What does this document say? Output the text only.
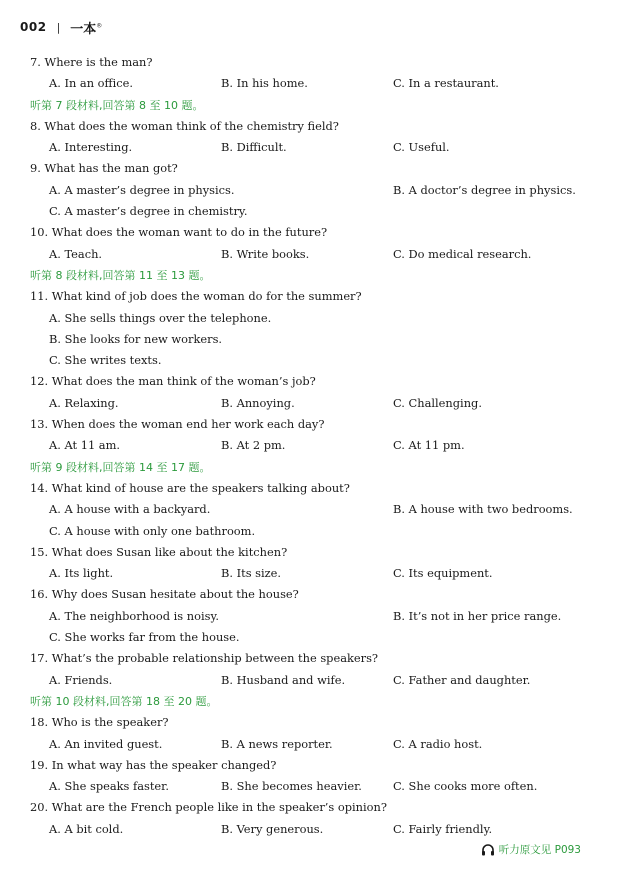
002 | 一本®
7. Where is the man?
A. In an office.	B. In his home.	C. In a restaurant.
听第 7 段材料,回答第 8 至 10 题。
8. What does the woman think of the chemistry field?
A. Interesting.	B. Difficult.	C. Useful.
9. What has the man got?
A. A master’s degree in physics.	B. A doctor’s degree in physics.
C. A master’s degree in chemistry.
10. What does the woman want to do in the future?
A. Teach.	B. Write books.	C. Do medical research.
听第 8 段材料,回答第 11 至 13 题。
11. What kind of job does the woman do for the summer?
A. She sells things over the telephone.
B. She looks for new workers.
C. She writes texts.
12. What does the man think of the woman’s job?
A. Relaxing.	B. Annoying.	C. Challenging.
13. When does the woman end her work each day?
A. At 11 am.	B. At 2 pm.	C. At 11 pm.
听第 9 段材料,回答第 14 至 17 题。
14. What kind of house are the speakers talking about?
A. A house with a backyard.	B. A house with two bedrooms.
C. A house with only one bathroom.
15. What does Susan like about the kitchen?
A. Its light.	B. Its size.	C. Its equipment.
16. Why does Susan hesitate about the house?
A. The neighborhood is noisy.	B. It’s not in her price range.
C. She works far from the house.
17. What’s the probable relationship between the speakers?
A. Friends.	B. Husband and wife.	C. Father and daughter.
听第 10 段材料,回答第 18 至 20 题。
18. Who is the speaker?
A. An invited guest.	B. A news reporter.	C. A radio host.
19. In what way has the speaker changed?
A. She speaks faster.	B. She becomes heavier.	C. She cooks more often.
20. What are the French people like in the speaker’s opinion?
A. A bit cold.	B. Very generous.	C. Fairly friendly.
听力原文见 P093
